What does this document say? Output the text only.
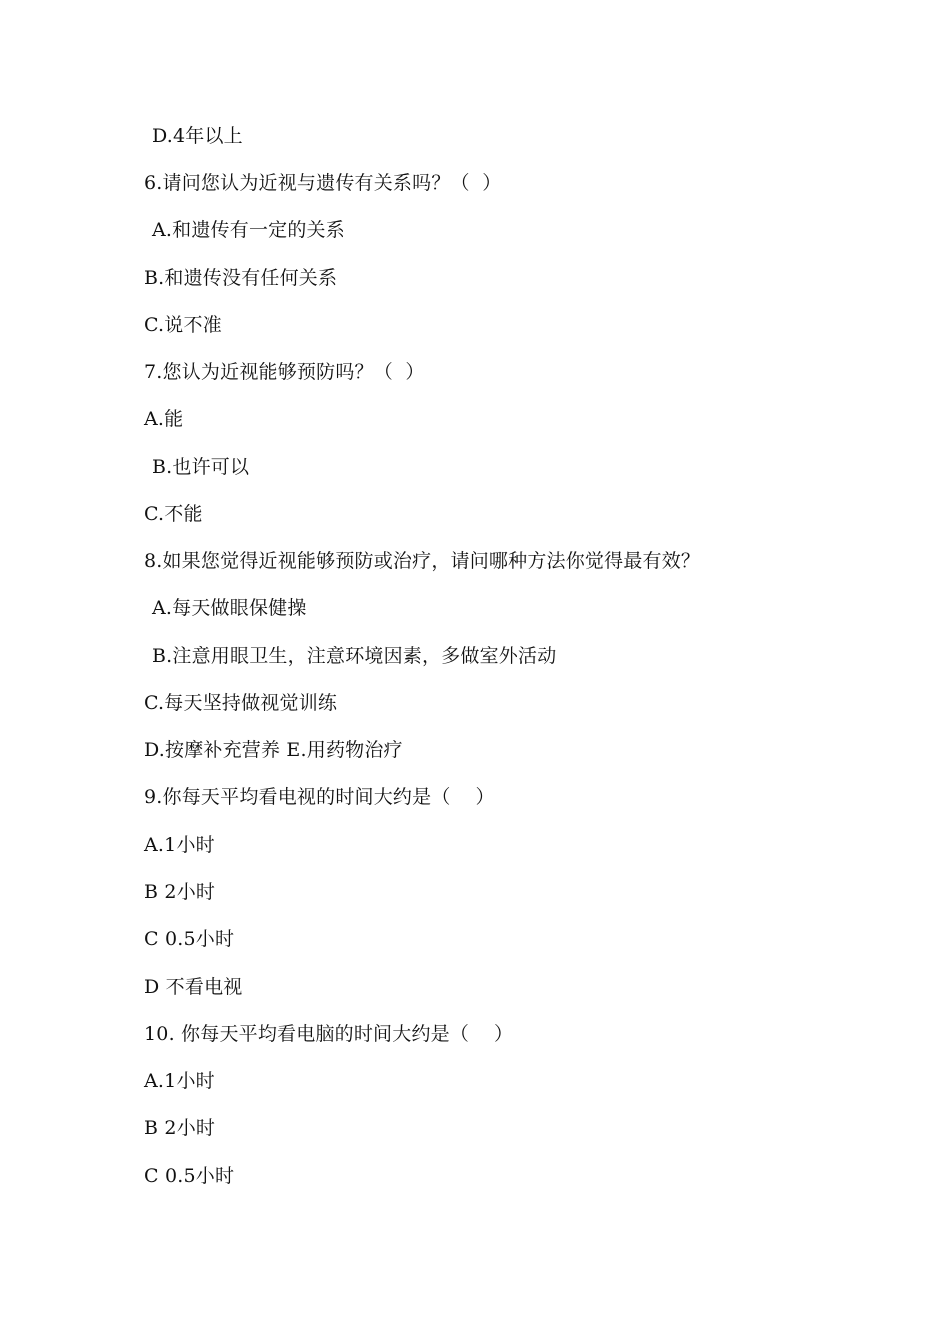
D.4年以上
6.请问您认为近视与遗传有关系吗？（  ）
A.和遗传有一定的关系
B.和遗传没有任何关系
C.说不准
7.您认为近视能够预防吗？（  ）
A.能
B.也许可以
C.不能
8.如果您觉得近视能够预防或治疗，请问哪种方法你觉得最有效？
A.每天做眼保健操
B.注意用眼卫生，注意环境因素，多做室外活动
C.每天坚持做视觉训练
D.按摩补充营养 E.用药物治疗
9.你每天平均看电视的时间大约是（    ）
A.1小时
B 2小时
C 0.5小时
D 不看电视
10. 你每天平均看电脑的时间大约是（    ）
A.1小时
B 2小时
C 0.5小时
